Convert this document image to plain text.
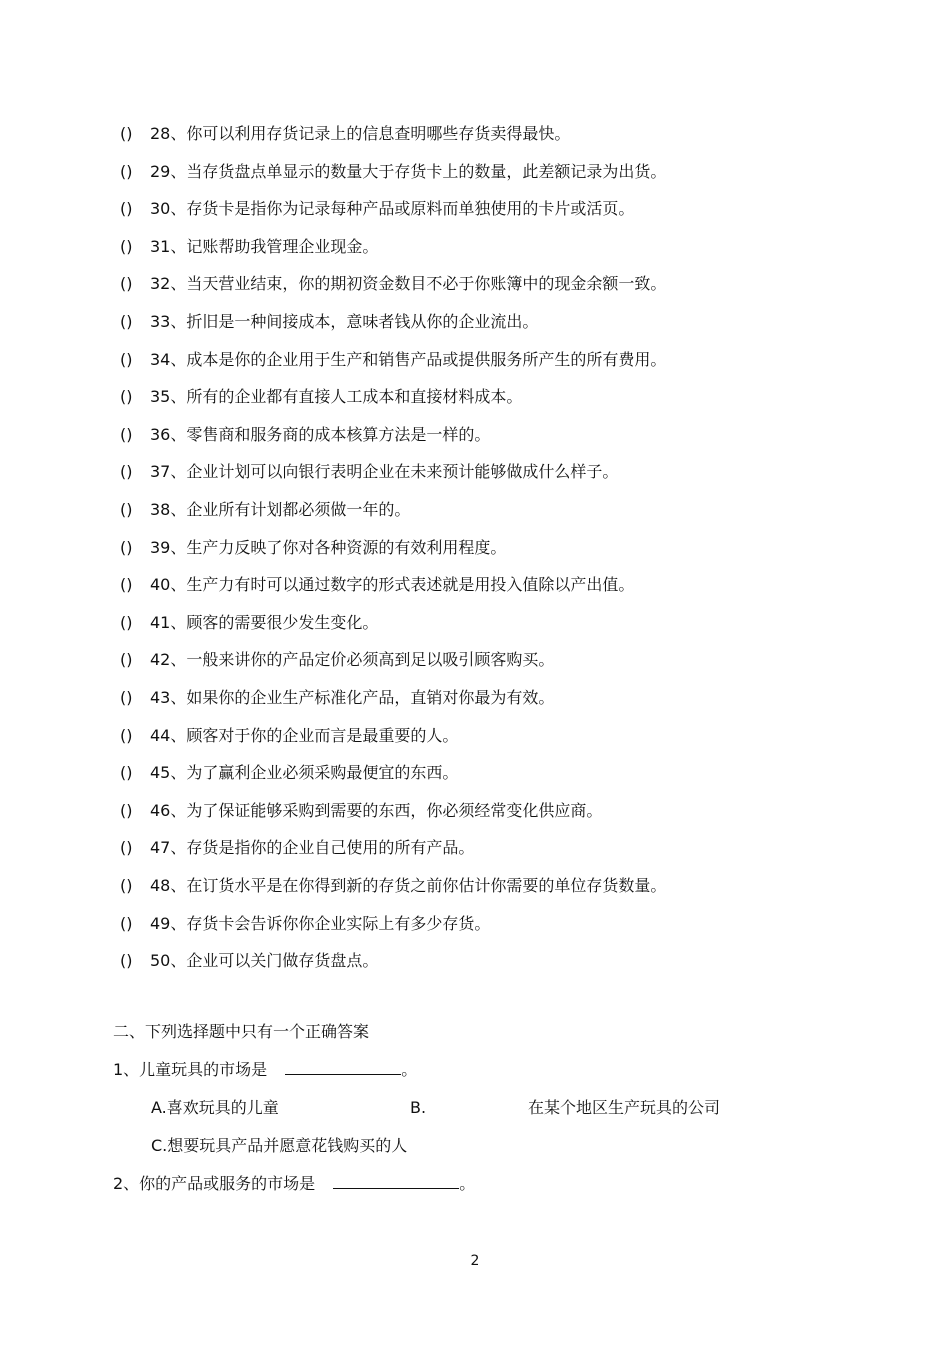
() 28、你可以利用存货记录上的信息查明哪些存货卖得最快。
() 29、当存货盘点单显示的数量大于存货卡上的数量，此差额记录为出货。
() 30、存货卡是指你为记录每种产品或原料而单独使用的卡片或活页。
() 31、记账帮助我管理企业现金。
() 32、当天营业结束，你的期初资金数目不必于你账簿中的现金余额一致。
() 33、折旧是一种间接成本，意味者钱从你的企业流出。
() 34、成本是你的企业用于生产和销售产品或提供服务所产生的所有费用。
() 35、所有的企业都有直接人工成本和直接材料成本。
() 36、零售商和服务商的成本核算方法是一样的。
() 37、企业计划可以向银行表明企业在未来预计能够做成什么样子。
() 38、企业所有计划都必须做一年的。
() 39、生产力反映了你对各种资源的有效利用程度。
() 40、生产力有时可以通过数字的形式表述就是用投入值除以产出值。
() 41、顾客的需要很少发生变化。
() 42、一般来讲你的产品定价必须高到足以吸引顾客购买。
() 43、如果你的企业生产标准化产品，直销对你最为有效。
() 44、顾客对于你的企业而言是最重要的人。
() 45、为了赢利企业必须采购最便宜的东西。
() 46、为了保证能够采购到需要的东西，你必须经常变化供应商。
() 47、存货是指你的企业自己使用的所有产品。
() 48、在订货水平是在你得到新的存货之前你估计你需要的单位存货数量。
() 49、存货卡会告诉你你企业实际上有多少存货。
() 50、企业可以关门做存货盘点。
二、下列选择题中只有一个正确答案
1、儿童玩具的市场是	。
A.喜欢玩具的儿童	B.	在某个地区生产玩具的公司
C.想要玩具产品并愿意花钱购买的人
2、你的产品或服务的市场是	。
2
